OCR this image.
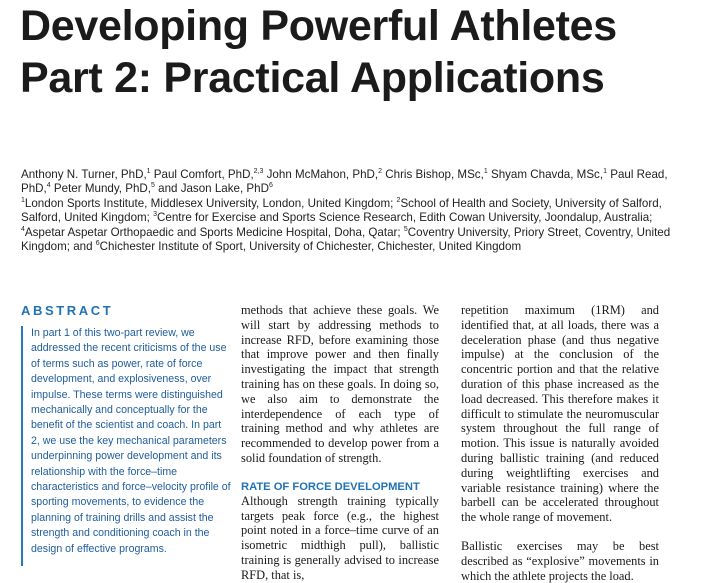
Developing Powerful Athletes Part 2: Practical Applications

Anthony N. Turner, PhD,$^1$ Paul Comfort, PhD,$^{2,3}$ John McMahon, PhD,$^2$ Chris Bishop, MSc,$^1$ Shyam Chavda, MSc,$^1$ Paul Read, PhD,$^4$ Peter Mundy, PhD,$^5$ and Jason Lake, PhD$^6$

$^1$London Sports Institute, Middlesex University, London, United Kingdom; $^2$School of Health and Society, University of Salford, Salford, United Kingdom; $^3$Centre for Exercise and Sports Science Research, Edith Cowan University, Joondalup, Australia; $^4$Aspetar Aspetar Orthopaedic and Sports Medicine Hospital, Doha, Qatar; $^5$Coventry University, Priory Street, Coventry, United Kingdom; and $^6$Chichester Institute of Sport, University of Chichester, Chichester, United Kingdom

ABSTRACT

In part 1 of this two-part review, we addressed the recent criticisms of the use of terms such as power, rate of force development, and explosiveness, over impulse. These terms were distinguished mechanically and conceptually for the benefit of the scientist and coach. In part 2, we use the key mechanical parameters underpinning power development and its relationship with the force–time characteristics and force–velocity profile of sporting movements, to evidence the planning of training drills and assist the strength and conditioning coach in the design of effective programs.

methods that achieve these goals. We will start by addressing methods to increase RFD, before examining those that improve power and then finally investigating the impact that strength training has on these goals. In doing so, we also aim to demonstrate the interdependence of each type of training method and why athletes are recommended to develop power from a solid foundation of strength.

RATE OF FORCE DEVELOPMENT

Although strength training typically targets peak force (e.g., the highest point noted in a force–time curve of an isometric midthigh pull), ballistic training is generally advised to increase RFD, that is,

repetition maximum (1RM) and identified that, at all loads, there was a deceleration phase (and thus negative impulse) at the conclusion of the concentric portion and that the relative duration of this phase increased as the load decreased. This therefore makes it difficult to stimulate the neuromuscular system throughout the full range of motion. This issue is naturally avoided during ballistic training (and reduced during weightlifting exercises and variable resistance training) where the barbell can be accelerated throughout the whole range of movement.

Ballistic exercises may be best described as “explosive” movements in which the athlete projects the load.
